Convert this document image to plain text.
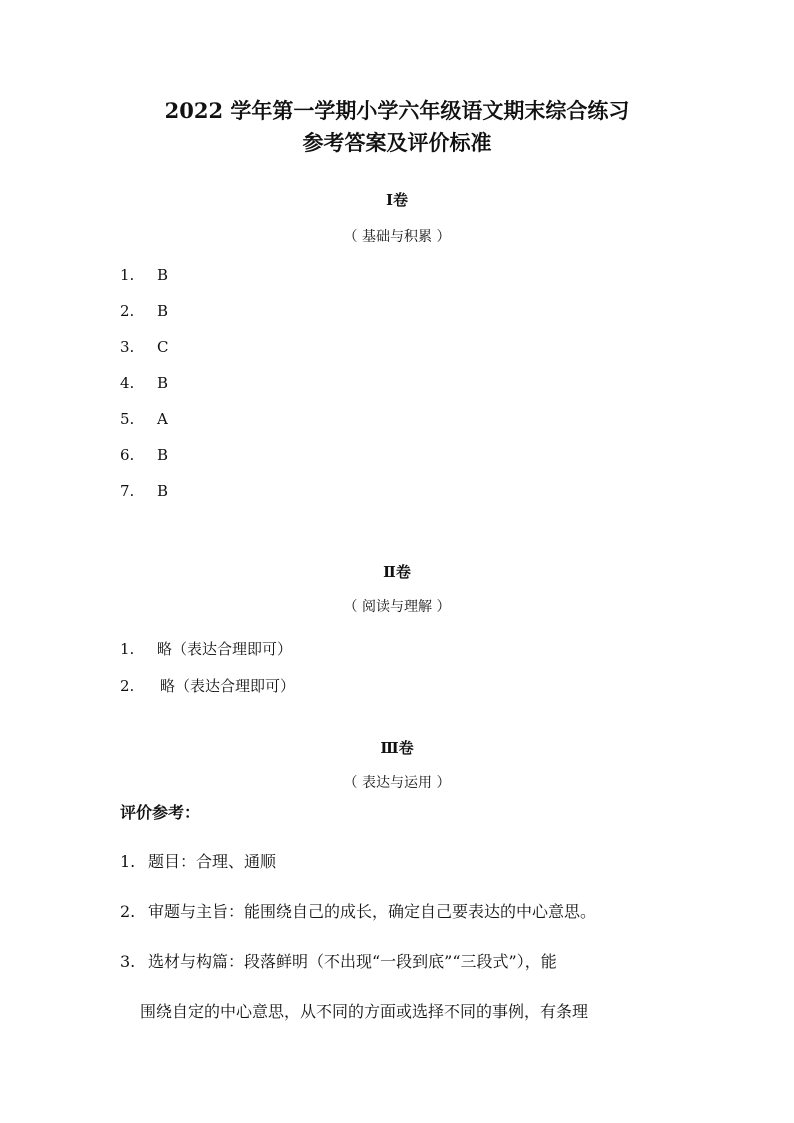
2022 学年第一学期小学六年级语文期末综合练习
参考答案及评价标准
Ⅰ卷
（ 基础与积累 ）
1. B
2. B
3. C
4. B
5. A
6. B
7. B
Ⅱ卷
（ 阅读与理解 ）
1. 略（表达合理即可）
2. 略（表达合理即可）
Ⅲ卷
（ 表达与运用 ）
评价参考：
1. 题目：合理、通顺
2. 审题与主旨：能围绕自己的成长，确定自己要表达的中心意思。
3. 选材与构篇：段落鲜明（不出现“一段到底”“三段式”），能
围绕自定的中心意思，从不同的方面或选择不同的事例，有条理
